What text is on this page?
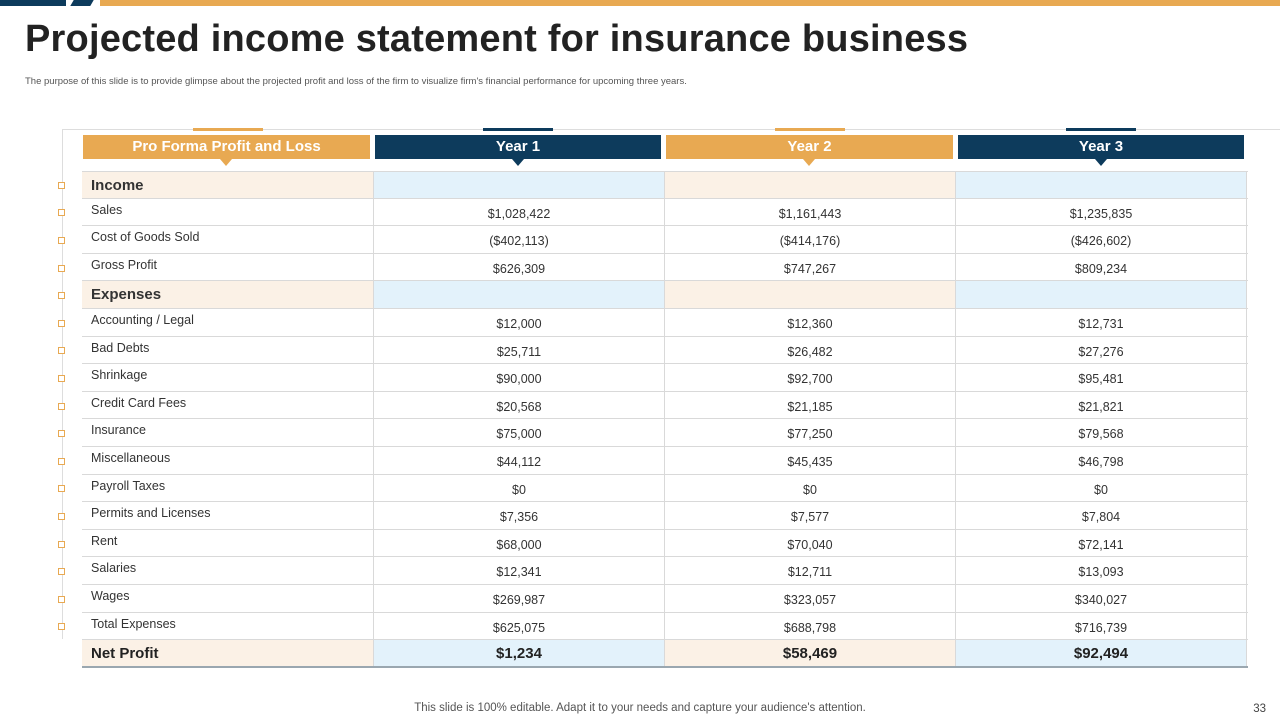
Projected income statement for insurance business

The purpose of this slide is to provide glimpse about the projected profit and loss of the firm to visualize firm's financial performance for upcoming three years.

Pro Forma Profit and Loss	Year 1	Year 2	Year 3
Income
Sales	$1,028,422	$1,161,443	$1,235,835
Cost of Goods Sold	($402,113)	($414,176)	($426,602)
Gross Profit	$626,309	$747,267	$809,234
Expenses
Accounting / Legal	$12,000	$12,360	$12,731
Bad Debts	$25,711	$26,482	$27,276
Shrinkage	$90,000	$92,700	$95,481
Credit Card Fees	$20,568	$21,185	$21,821
Insurance	$75,000	$77,250	$79,568
Miscellaneous	$44,112	$45,435	$46,798
Payroll Taxes	$0	$0	$0
Permits and Licenses	$7,356	$7,577	$7,804
Rent	$68,000	$70,040	$72,141
Salaries	$12,341	$12,711	$13,093
Wages	$269,987	$323,057	$340,027
Total Expenses	$625,075	$688,798	$716,739
Net Profit	$1,234	$58,469	$92,494
This slide is 100% editable. Adapt it to your needs and capture your audience's attention.	33
